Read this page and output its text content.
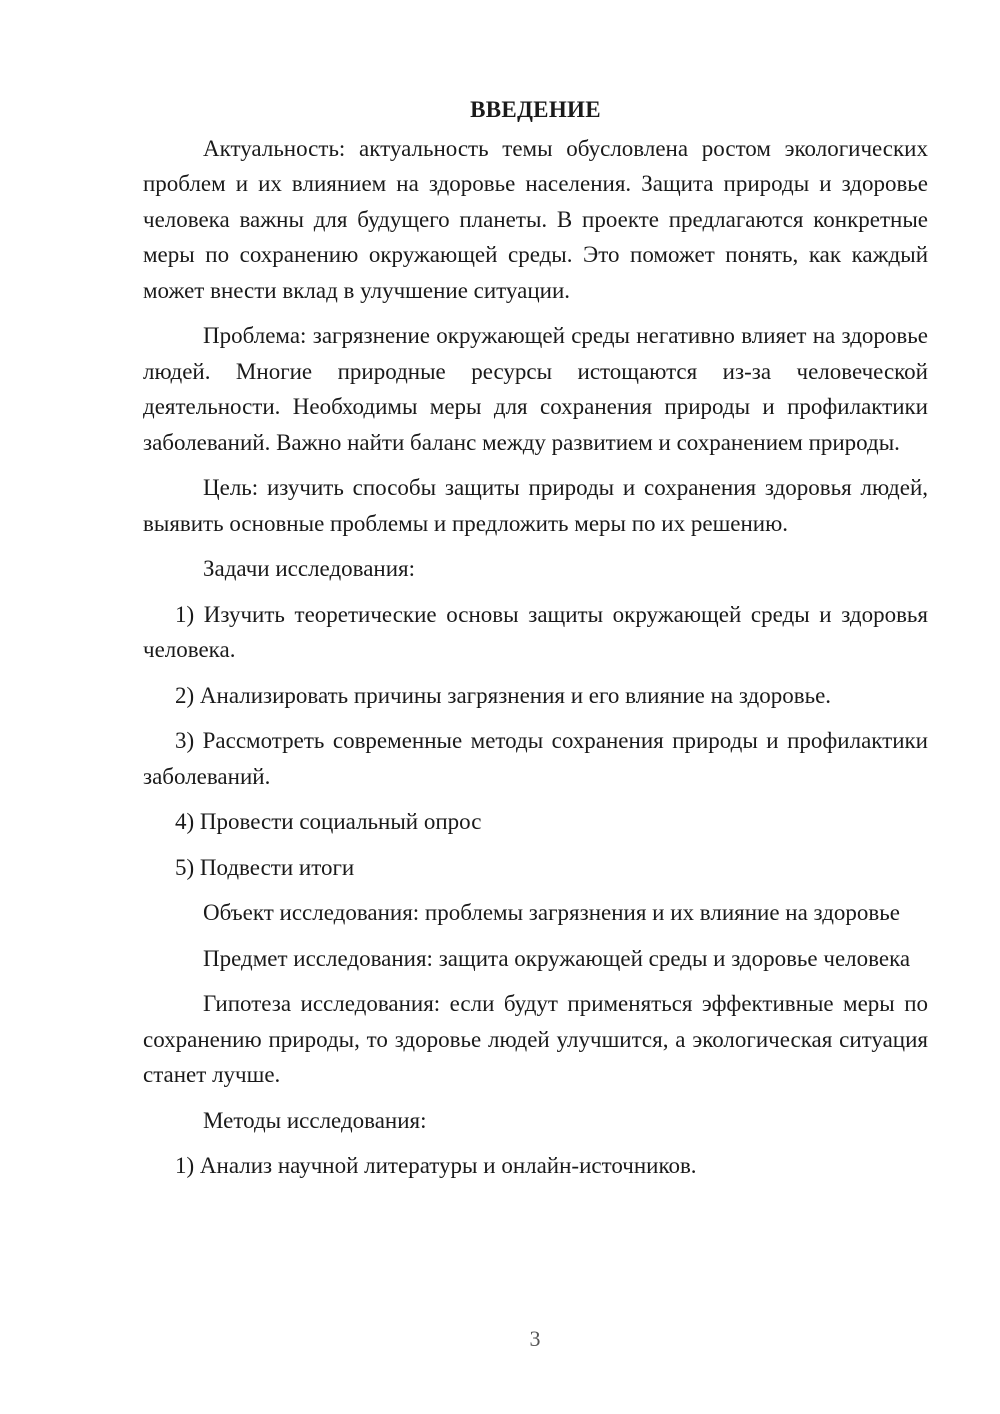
ВВЕДЕНИЕ

Актуальность: актуальность темы обусловлена ростом экологических проблем и их влиянием на здоровье населения. Защита природы и здоровье человека важны для будущего планеты. В проекте предлагаются конкретные меры по сохранению окружающей среды. Это поможет понять, как каждый может внести вклад в улучшение ситуации.

Проблема: загрязнение окружающей среды негативно влияет на здоровье людей. Многие природные ресурсы истощаются из-за человеческой деятельности. Необходимы меры для сохранения природы и профилактики заболеваний. Важно найти баланс между развитием и сохранением природы.

Цель: изучить способы защиты природы и сохранения здоровья людей, выявить основные проблемы и предложить меры по их решению.

Задачи исследования:

1) Изучить теоретические основы защиты окружающей среды и здоровья человека.

2) Анализировать причины загрязнения и его влияние на здоровье.

3) Рассмотреть современные методы сохранения природы и профилактики заболеваний.

4) Провести социальный опрос

5) Подвести итоги

Объект исследования: проблемы загрязнения и их влияние на здоровье

Предмет исследования: защита окружающей среды и здоровье человека

Гипотеза исследования: если будут применяться эффективные меры по сохранению природы, то здоровье людей улучшится, а экологическая ситуация станет лучше.

Методы исследования:

1) Анализ научной литературы и онлайн-источников.

3
